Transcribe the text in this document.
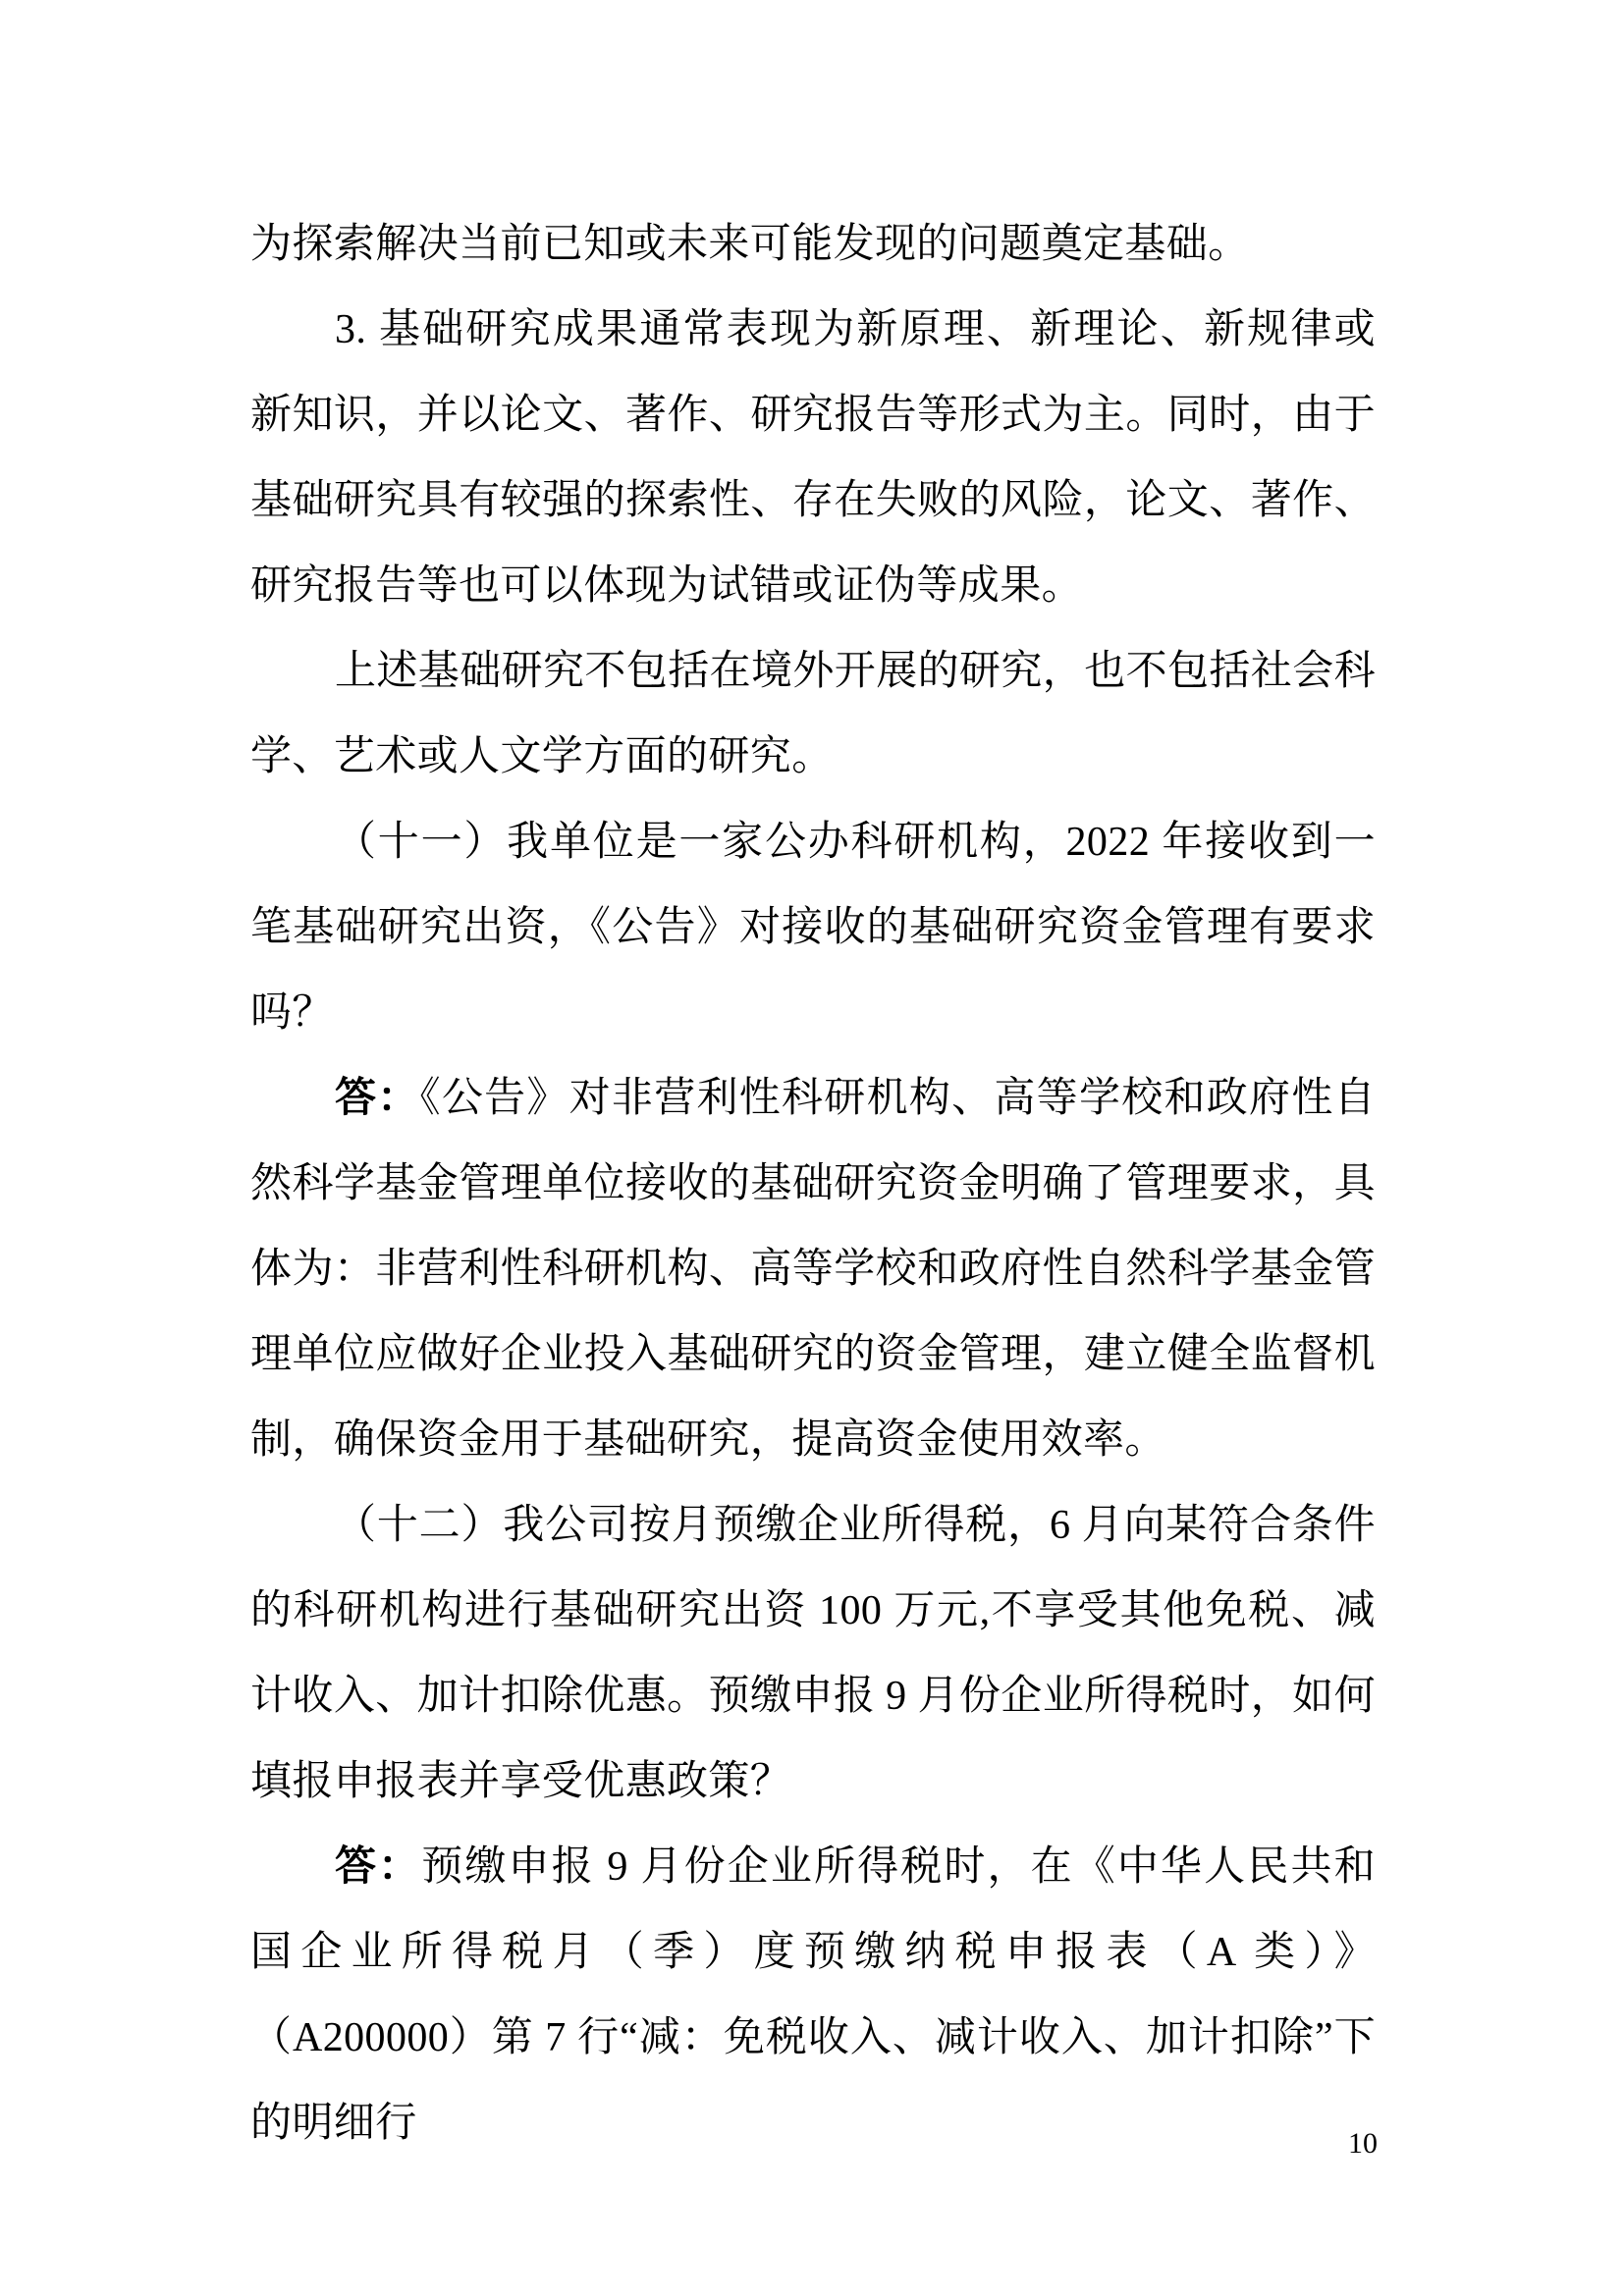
为探索解决当前已知或未来可能发现的问题奠定基础。

3. 基础研究成果通常表现为新原理、新理论、新规律或新知识，并以论文、著作、研究报告等形式为主。同时，由于基础研究具有较强的探索性、存在失败的风险，论文、著作、研究报告等也可以体现为试错或证伪等成果。

上述基础研究不包括在境外开展的研究，也不包括社会科学、艺术或人文学方面的研究。

（十一）我单位是一家公办科研机构，2022 年接收到一笔基础研究出资，《公告》对接收的基础研究资金管理有要求吗？

答：《公告》对非营利性科研机构、高等学校和政府性自然科学基金管理单位接收的基础研究资金明确了管理要求，具体为：非营利性科研机构、高等学校和政府性自然科学基金管理单位应做好企业投入基础研究的资金管理，建立健全监督机制，确保资金用于基础研究，提高资金使用效率。

（十二）我公司按月预缴企业所得税，6 月向某符合条件的科研机构进行基础研究出资 100 万元,不享受其他免税、减计收入、加计扣除优惠。预缴申报 9 月份企业所得税时，如何填报申报表并享受优惠政策？

答：预缴申报 9 月份企业所得税时，在《中华人民共和国企业所得税月（季）度预缴纳税申报表（A 类）》（A200000）第 7 行“减：免税收入、减计收入、加计扣除”下的明细行	10
